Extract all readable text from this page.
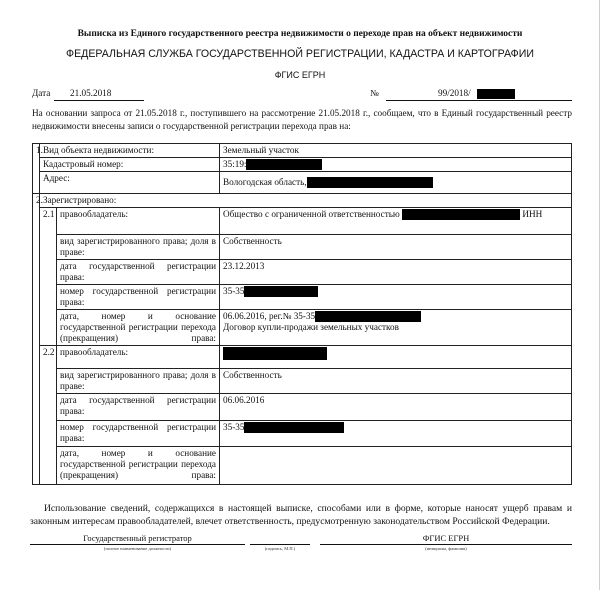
Выписка из Единого государственного реестра недвижимости о переходе прав на объект недвижимости
ФЕДЕРАЛЬНАЯ СЛУЖБА ГОСУДАРСТВЕННОЙ РЕГИСТРАЦИИ, КАДАСТРА И КАРТОГРАФИИ
ФГИС ЕГРН
Дата 21.05.2018	№	99/2018/
На основании запроса от 21.05.2018 г., поступившего на рассмотрение 21.05.2018 г., сообщаем, что в Единый государственный реестр недвижимости внесены записи о государственной регистрации перехода прав на:
1.	Вид объекта недвижимости:		Земельный участок
	Кадастровый номер:		35:19:
	Адрес:		Вологодская область,
2.	Зарегистрировано:		
	2.1	правообладатель:	Общество с ограниченной ответственностью ИНН

		вид зарегистрированного права; доля в праве:	Собственность

		дата государственной регистрации права:	23.12.2013

		номер государственной регистрации права:	35-35

		дата, номер и основание государственной регистрации перехода (прекращения) права:	06.06.2016, рег.№ 35-35
Договор купли-продажи земельных участков
	2.2	правообладатель:	

		вид зарегистрированного права; доля в праве:	Собственность

		дата государственной регистрации права:	06.06.2016

		номер государственной регистрации права:	35-35

		дата, номер и основание государственной регистрации перехода (прекращения) права:	

Использование сведений, содержащихся в настоящей выписке, способами или в форме, которые наносят ущерб правам и законным интересам правообладателей, влечет ответственность, предусмотренную законодательством Российской Федерации.
Государственный регистратор
(полное наименование должности)	(подпись, М.П.)
ФГИС ЕГРН
(инициалы, фамилия)
